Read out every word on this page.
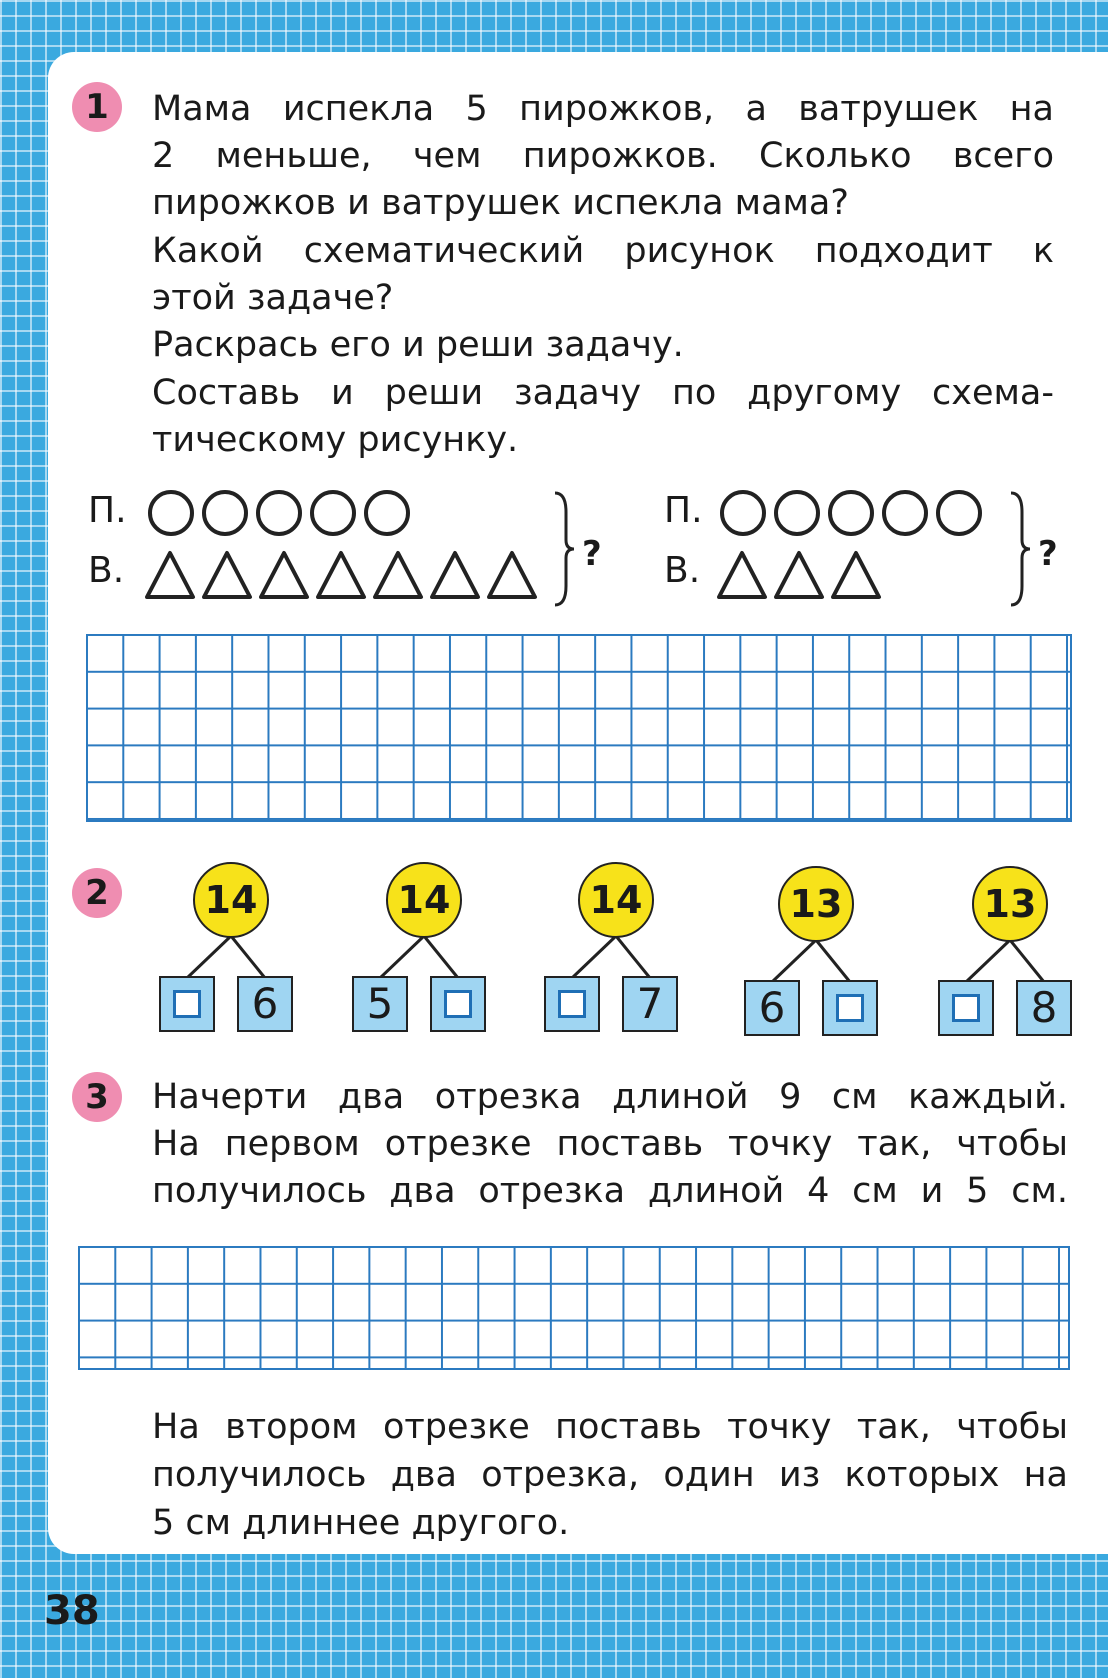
1	Мама испекла 5 пирожков, а ватрушек на

2 меньше, чем пирожков. Сколько всего

пирожков и ватрушек испекла мама?

Какой схематический рисунок подходит к

этой задаче?

Раскрась его и реши задачу.

Составь и реши задачу по другому схема-

тическому рисунку.

П.
В.	?
П.
В.	?
2	14
6
14
5
14
7
13
6
13
8
3	Начерти два отрезка длиной 9 см каждый.

На первом отрезке поставь точку так, чтобы

получилось два отрезка длиной 4 см и 5 см.

На втором отрезке поставь точку так, чтобы

получилось два отрезка, один из которых на

5 см длиннее другого.

38
